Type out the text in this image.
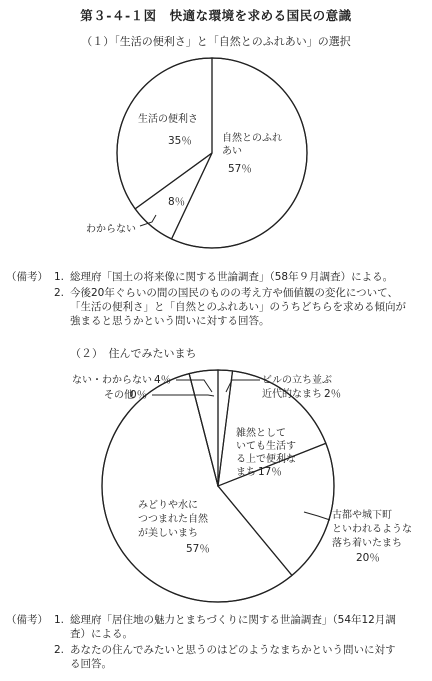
第３-４-１図　快適な環境を求める国民の意識
（１）「生活の便利さ」と「自然とのふれあい」の選択
（２）　住んでみたいまち
生活の便利さ
35％	自然とのふれ
あい
57％
8％
わからない
ない・わからない 4％
その他
0％
ビルの立ち並ぶ
近代的なまち 2％
雑然として
いても生活す
る上で便利な
まち 17％
古都や城下町
といわれるような
落ち着いたまち
20％
みどりや水に
つつまれた自然
が美しいまち
57％
（備考） 1. 総理府「国土の将来像に関する世論調査」（58年９月調査）による。
2. 今後20年ぐらいの間の国民のものの考え方や価値観の変化について、
「生活の便利さ」と「自然とのふれあい」のうちどちらを求める傾向が
強まると思うかという問いに対する回答。
（備考） 1. 総理府「居住地の魅力とまちづくりに関する世論調査」（54年12月調
査）による。
2. あなたの住んでみたいと思うのはどのようなまちかという問いに対す
る回答。
